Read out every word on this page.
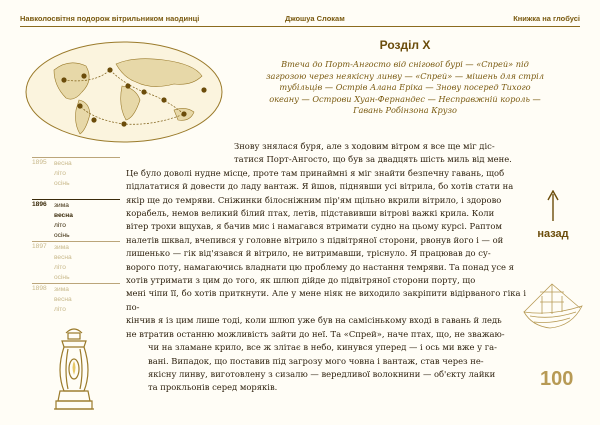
Навколосвітня подорож вітрильником наодинці	Джошуа Слокам	Книжка на глобусі
Розділ Х

Втеча до Порт-Ангосто від снігової бурі — «Спрей» під
загрозою через неякісну линву — «Спрей» — мішень для стріл
тубільців — Острів Алана Еріка — Знову посеред Тихого
океану — Острови Хуан-Фернандес — Несправжній король —
Гавань Робінзона Крузо

1895	весна
літо
осінь
1896	зима
весна
літо
осінь
1897	зима
весна
літо
осінь
1898	зима
весна
літо
Знову знялася буря, але з ходовим вітром я все ще міг діс-
татися Порт-Ангосто, що був за двадцять шість миль від мене.
Це було доволі нудне місце, проте там принаймні я міг знайти безпечну гавань, щоб
підлататися й довести до ладу вантаж. Я йшов, піднявши усі вітрила, бо хотів стати на
якір ще до темряви. Сніжинки білосніжним пір'ям щільно вкрили вітрило, і здорово
корабель, немов великий білий птах, летів, підставивши вітрові важкі крила. Коли
вітер трохи вщухав, я бачив мис і намагався втримати судно на цьому курсі. Раптом
налетів шквал, вчепився у головне вітрило з підвітряної сторони, рвонув його і — ой
лишенько — гік від'язався й вітрило, не витримавши, тріснуло. Я працював до су-
ворого поту, намагаючись владнати цю проблему до настання темряви. Та понад усе я
хотів утримати з цим до того, як шлюп дійде до підвітряної сторони порту, що
мені чіпи її, бо хотів приткнути. Але у мене ніяк не виходило закріпити відірваного гіка і по-
кінчив я із цим лише тоді, коли шлюп уже був на самісінькому вході в гавань й ледь
не втратив останню можливість зайти до неї. Та «Спрей», наче птах, що, не зважаю-
чи на зламане крило, все ж злітає в небо, кинувся уперед — і ось ми вже у га-
вані. Випадок, що поставив під загрозу мого човна і вантаж, став через не-
якісну линву, виготовлену з сизалю — вередливої волокнини — об'єкту лайки
та прокльонів серед моряків.
назад
100
